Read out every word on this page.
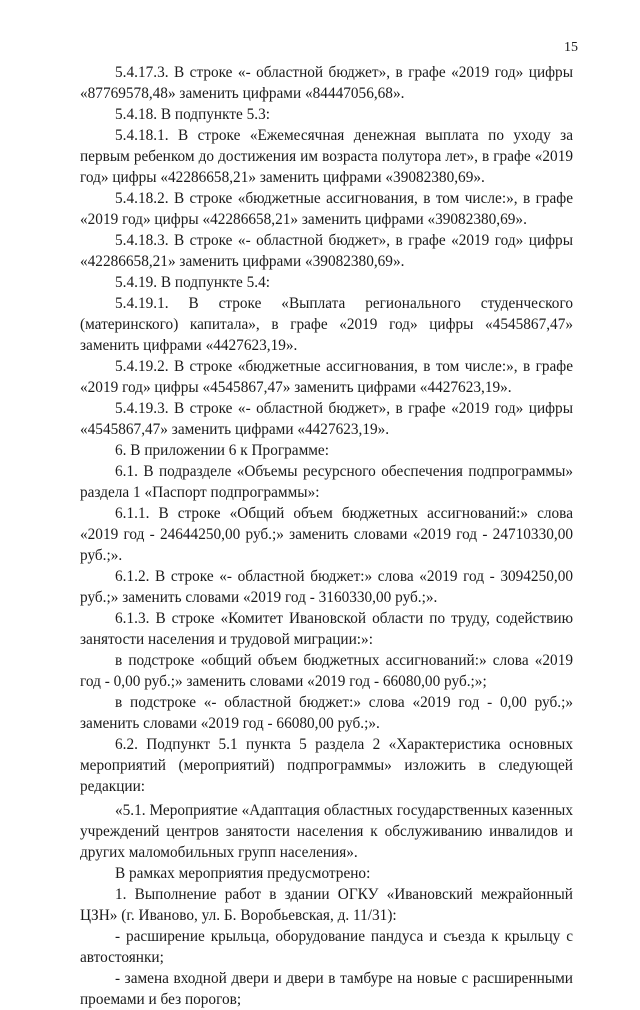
15

5.4.17.3. В строке «- областной бюджет», в графе «2019 год» цифры «87769578,48» заменить цифрами «84447056,68».

5.4.18. В подпункте 5.3:

5.4.18.1. В строке «Ежемесячная денежная выплата по уходу за первым ребенком до достижения им возраста полутора лет», в графе «2019 год» цифры «42286658,21» заменить цифрами «39082380,69».

5.4.18.2. В строке «бюджетные ассигнования, в том числе:», в графе «2019 год» цифры «42286658,21» заменить цифрами «39082380,69».

5.4.18.3. В строке «- областной бюджет», в графе «2019 год» цифры «42286658,21» заменить цифрами «39082380,69».

5.4.19. В подпункте 5.4:

5.4.19.1. В строке «Выплата регионального студенческого (материнского) капитала», в графе «2019 год» цифры «4545867,47» заменить цифрами «4427623,19».

5.4.19.2. В строке «бюджетные ассигнования, в том числе:», в графе «2019 год» цифры «4545867,47» заменить цифрами «4427623,19».

5.4.19.3. В строке «- областной бюджет», в графе «2019 год» цифры «4545867,47» заменить цифрами «4427623,19».

6. В приложении 6 к Программе:

6.1. В подразделе «Объемы ресурсного обеспечения подпрограммы» раздела 1 «Паспорт подпрограммы»:

6.1.1. В строке «Общий объем бюджетных ассигнований:» слова «2019 год - 24644250,00 руб.;» заменить словами «2019 год - 24710330,00 руб.;».

6.1.2. В строке «- областной бюджет:» слова «2019 год - 3094250,00 руб.;» заменить словами «2019 год - 3160330,00 руб.;».

6.1.3. В строке «Комитет Ивановской области по труду, содействию занятости населения и трудовой миграции:»:

в подстроке «общий объем бюджетных ассигнований:» слова «2019 год - 0,00 руб.;» заменить словами «2019 год - 66080,00 руб.;»;

в подстроке «- областной бюджет:» слова «2019 год - 0,00 руб.;» заменить словами «2019 год - 66080,00 руб.;».

6.2. Подпункт 5.1 пункта 5 раздела 2 «Характеристика основных мероприятий (мероприятий) подпрограммы» изложить в следующей редакции:

«5.1. Мероприятие «Адаптация областных государственных казенных учреждений центров занятости населения к обслуживанию инвалидов и других маломобильных групп населения».

В рамках мероприятия предусмотрено:

1. Выполнение работ в здании ОГКУ «Ивановский межрайонный ЦЗН» (г. Иваново, ул. Б. Воробьевская, д. 11/31):

- расширение крыльца, оборудование пандуса и съезда к крыльцу с автостоянки;

- замена входной двери и двери в тамбуре на новые с расширенными проемами и без порогов;
